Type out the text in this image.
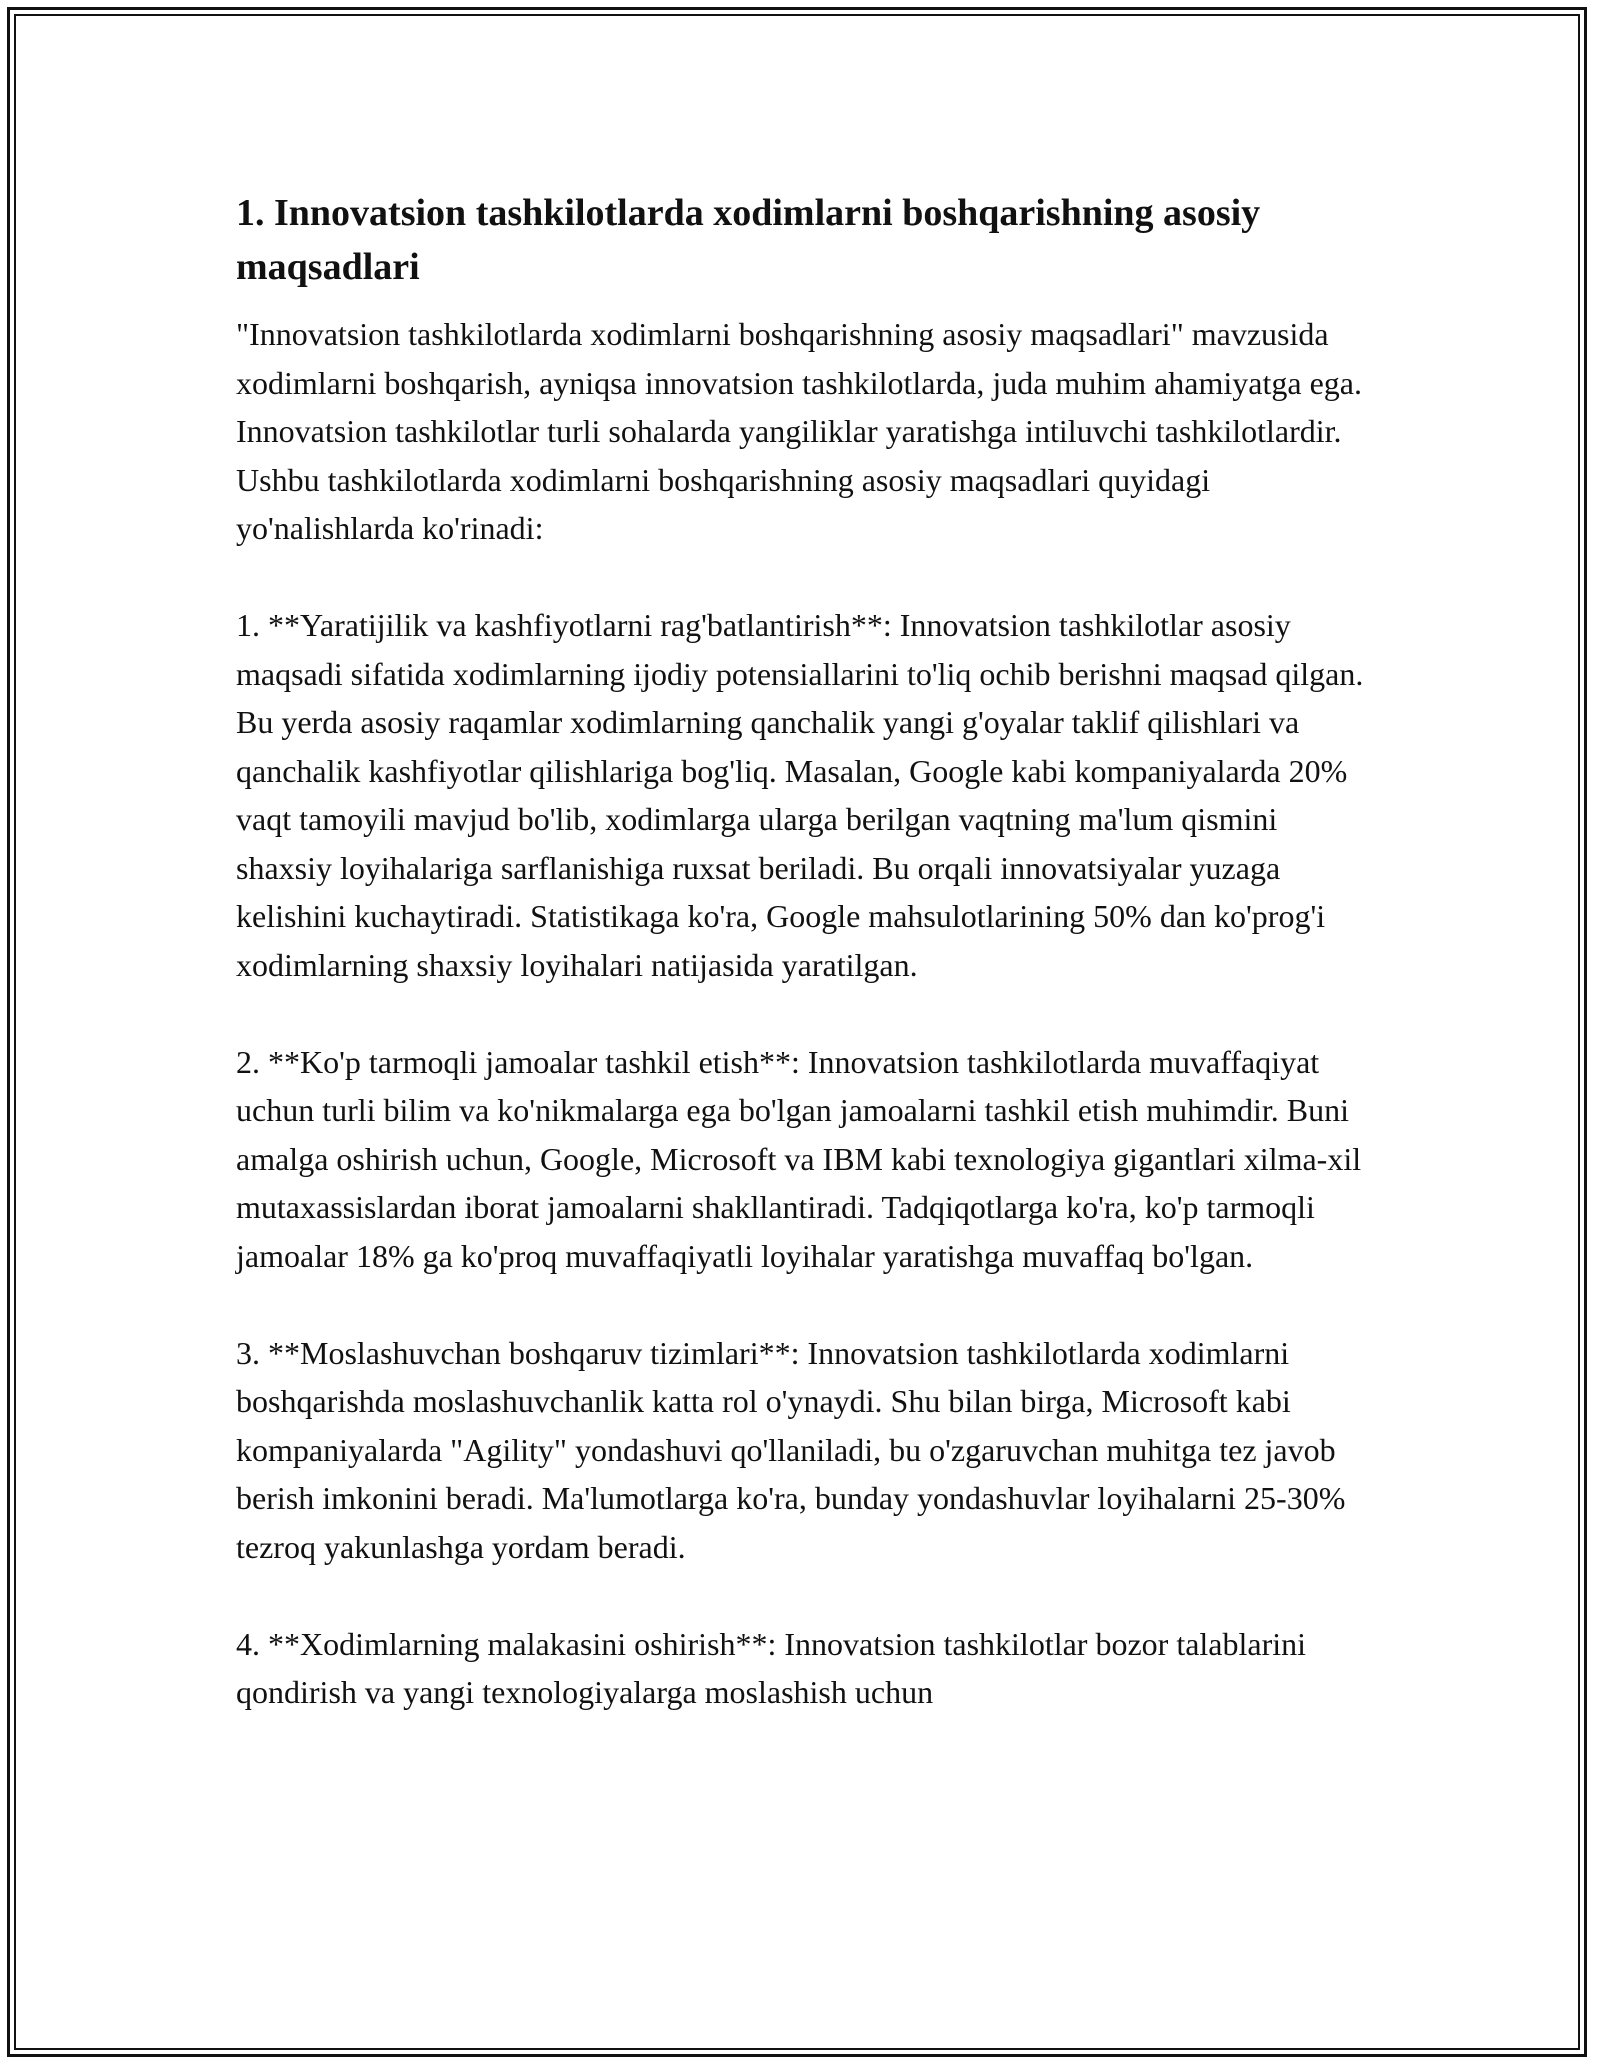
1. Innovatsion tashkilotlarda xodimlarni boshqarishning asosiy maqsadlari

"Innovatsion tashkilotlarda xodimlarni boshqarishning asosiy maqsadlari" mavzusida xodimlarni boshqarish, ayniqsa innovatsion tashkilotlarda, juda muhim ahamiyatga ega. Innovatsion tashkilotlar turli sohalarda yangiliklar yaratishga intiluvchi tashkilotlardir. Ushbu tashkilotlarda xodimlarni boshqarishning asosiy maqsadlari quyidagi yo'nalishlarda ko'rinadi:

1. **Yaratijilik va kashfiyotlarni rag'batlantirish**: Innovatsion tashkilotlar asosiy maqsadi sifatida xodimlarning ijodiy potensiallarini to'liq ochib berishni maqsad qilgan. Bu yerda asosiy raqamlar xodimlarning qanchalik yangi g'oyalar taklif qilishlari va qanchalik kashfiyotlar qilishlariga bog'liq. Masalan, Google kabi kompaniyalarda 20% vaqt tamoyili mavjud bo'lib, xodimlarga ularga berilgan vaqtning ma'lum qismini shaxsiy loyihalariga sarflanishiga ruxsat beriladi. Bu orqali innovatsiyalar yuzaga kelishini kuchaytiradi. Statistikaga ko'ra, Google mahsulotlarining 50% dan ko'prog'i xodimlarning shaxsiy loyihalari natijasida yaratilgan.

2. **Ko'p tarmoqli jamoalar tashkil etish**: Innovatsion tashkilotlarda muvaffaqiyat uchun turli bilim va ko'nikmalarga ega bo'lgan jamoalarni tashkil etish muhimdir. Buni amalga oshirish uchun, Google, Microsoft va IBM kabi texnologiya gigantlari xilma-xil mutaxassislardan iborat jamoalarni shakllantiradi. Tadqiqotlarga ko'ra, ko'p tarmoqli jamoalar 18% ga ko'proq muvaffaqiyatli loyihalar yaratishga muvaffaq bo'lgan.

3. **Moslashuvchan boshqaruv tizimlari**: Innovatsion tashkilotlarda xodimlarni boshqarishda moslashuvchanlik katta rol o'ynaydi. Shu bilan birga, Microsoft kabi kompaniyalarda "Agility" yondashuvi qo'llaniladi, bu o'zgaruvchan muhitga tez javob berish imkonini beradi. Ma'lumotlarga ko'ra, bunday yondashuvlar loyihalarni 25-30% tezroq yakunlashga yordam beradi.

4. **Xodimlarning malakasini oshirish**: Innovatsion tashkilotlar bozor talablarini qondirish va yangi texnologiyalarga moslashish uchun
